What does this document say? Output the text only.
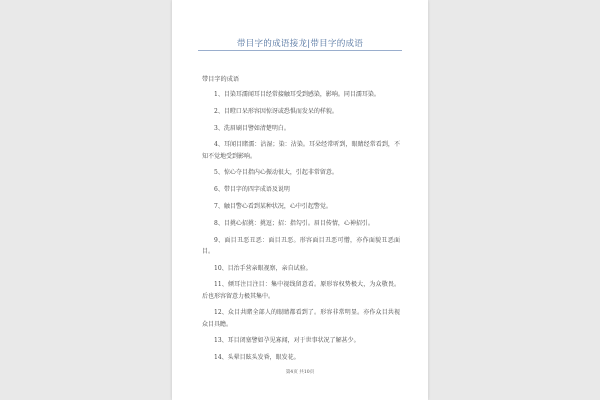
带目字的成语接龙|带目字的成语
带目字的成语
1、目染耳濡闻耳目经常接触耳受到感染，影响。同目濡耳染。
2、目瞪口呆形容因惊讶或恐惧而发呆的样貌。
3、洗眉刷目譬如清楚明白。
4、耳闻目睹濡：沾湿；染：沾染。耳朵经常听到，眼睛经常看到，不知不觉地受到影响。
5、惊心夺目指内心振动很大，引起非常留意。
6、带目字的四字成语及说明
7、触目警心看到某种状况，心中引起警觉。
8、目挑心招挑：挑逗；招：指勾引。眉目传情，心神招引。
9、面目丑恶丑恶：面目丑恶。形容面目丑恶可憎，亦作面貌丑恶面目。
10、目治手营亲眼视察，亲自试验。
11、倾耳注目注目：集中视线留意看。原形容权势极大，为众敬畏。后也形容留意力极其集中。
12、众目共睹全部人的眼睛都看到了。形容非常明显。亦作众目共视众目具瞻。
13、耳目闭塞譬如孕见寡闻，对于世事状况了解甚少。
14、头晕目眩头发昏，眼发花。
第4页 共10页
